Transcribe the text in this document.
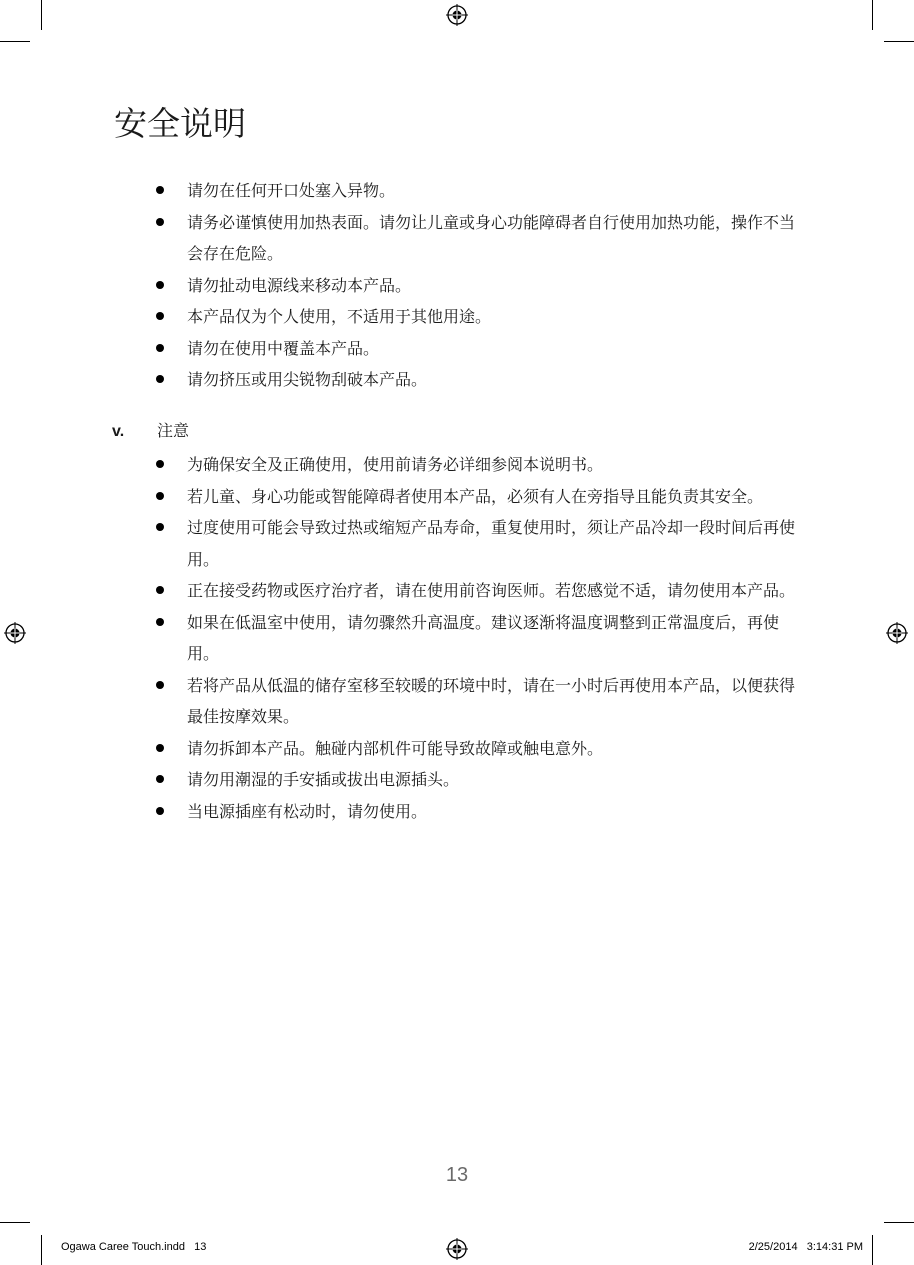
安全说明
请勿在任何开口处塞入异物。
请务必谨慎使用加热表面。请勿让儿童或身心功能障碍者自行使用加热功能，操作不当会存在危险。
请勿扯动电源线来移动本产品。
本产品仅为个人使用，不适用于其他用途。
请勿在使用中覆盖本产品。
请勿挤压或用尖锐物刮破本产品。
v. 注意
为确保安全及正确使用，使用前请务必详细参阅本说明书。
若儿童、身心功能或智能障碍者使用本产品，必须有人在旁指导且能负责其安全。
过度使用可能会导致过热或缩短产品寿命，重复使用时，须让产品冷却一段时间后再使用。
正在接受药物或医疗治疗者，请在使用前咨询医师。若您感觉不适，请勿使用本产品。
如果在低温室中使用，请勿骤然升高温度。建议逐渐将温度调整到正常温度后，再使用。
若将产品从低温的储存室移至较暖的环境中时，请在一小时后再使用本产品，以便获得最佳按摩效果。
请勿拆卸本产品。触碰内部机件可能导致故障或触电意外。
请勿用潮湿的手安插或拔出电源插头。
当电源插座有松动时，请勿使用。
13
Ogawa Caree Touch.indd   13	2/25/2014   3:14:31 PM
